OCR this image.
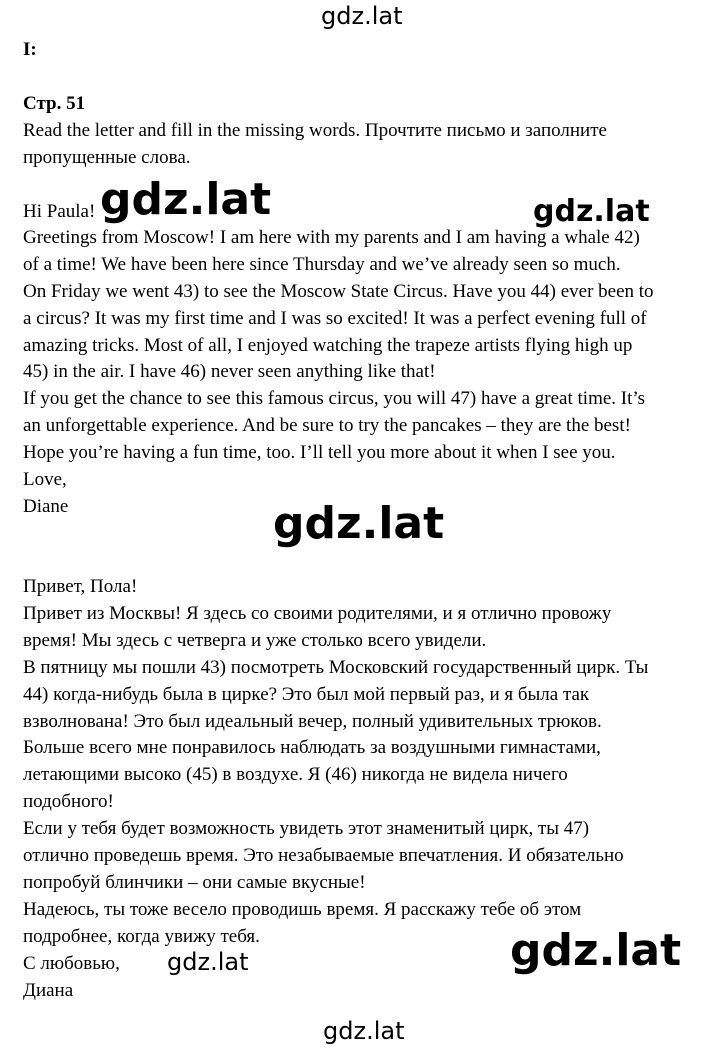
gdz.lat
gdz.lat	gdz.lat
gdz.lat
gdz.lat	gdz.lat
gdz.lat
I:
Стр. 51
Read the letter and fill in the missing words. Прочтите письмо и заполните
пропущенные слова.
Hi Paula!
Greetings from Moscow! I am here with my parents and I am having a whale 42)
of a time! We have been here since Thursday and we’ve already seen so much.
On Friday we went 43) to see the Moscow State Circus. Have you 44) ever been to
a circus? It was my first time and I was so excited! It was a perfect evening full of
amazing tricks. Most of all, I enjoyed watching the trapeze artists flying high up
45) in the air. I have 46) never seen anything like that!
If you get the chance to see this famous circus, you will 47) have a great time. It’s
an unforgettable experience. And be sure to try the pancakes – they are the best!
Hope you’re having a fun time, too. I’ll tell you more about it when I see you.
Love,
Diane
Привет, Пола!
Привет из Москвы! Я здесь со своими родителями, и я отлично провожу
время! Мы здесь с четверга и уже столько всего увидели.
В пятницу мы пошли 43) посмотреть Московский государственный цирк. Ты
44) когда-нибудь была в цирке? Это был мой первый раз, и я была так
взволнована! Это был идеальный вечер, полный удивительных трюков.
Больше всего мне понравилось наблюдать за воздушными гимнастами,
летающими высоко (45) в воздухе. Я (46) никогда не видела ничего
подобного!
Если у тебя будет возможность увидеть этот знаменитый цирк, ты 47)
отлично проведешь время. Это незабываемые впечатления. И обязательно
попробуй блинчики – они самые вкусные!
Надеюсь, ты тоже весело проводишь время. Я расскажу тебе об этом
подробнее, когда увижу тебя.
С любовью,
Диана
